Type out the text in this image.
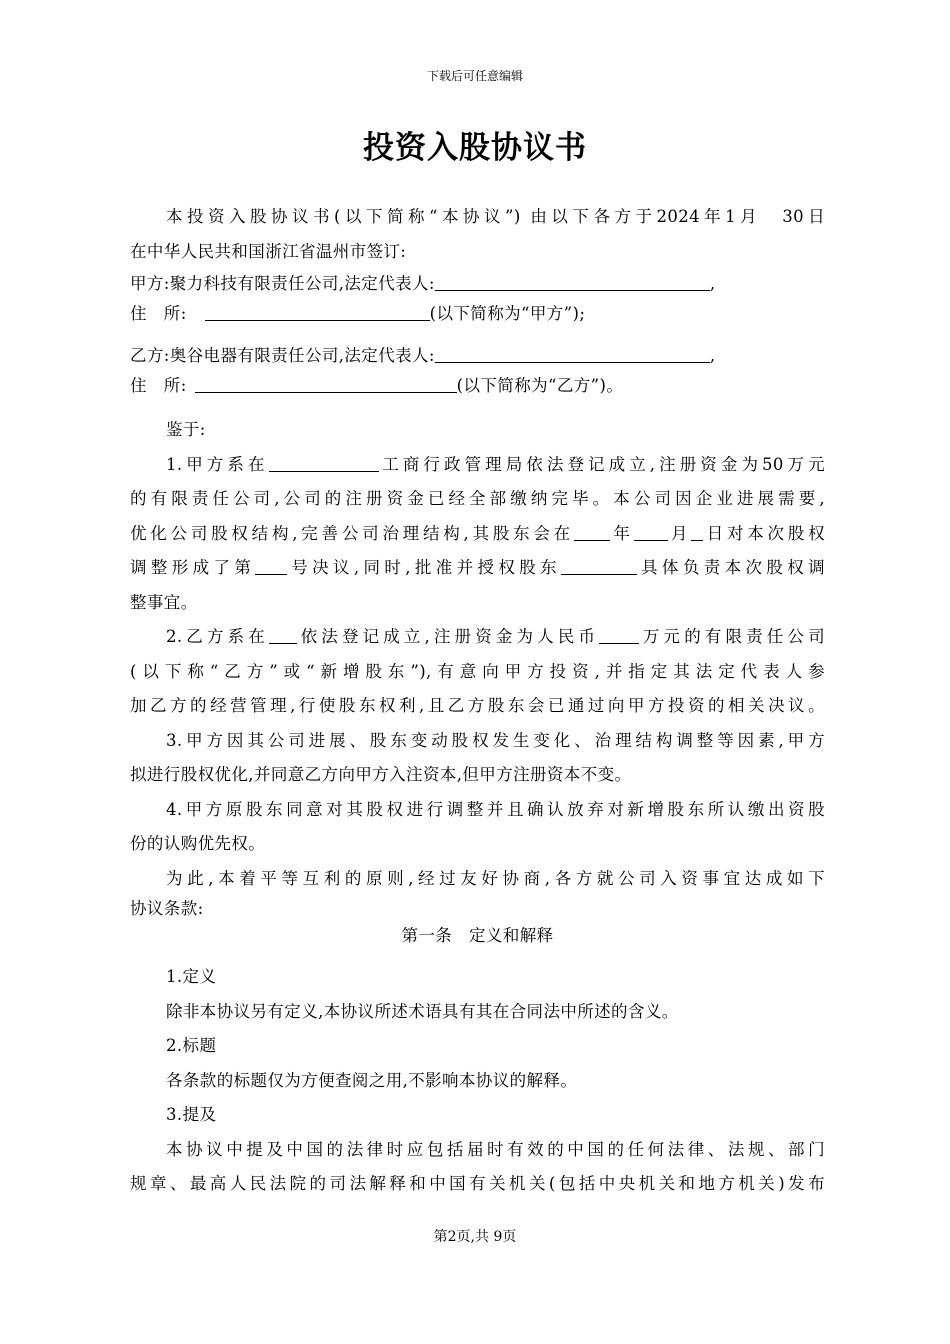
下载后可任意编辑
投资入股协议书
本投资入股协议书(以下简称“本协议”) 由以下各方于2024年1月　30日
在中华人民共和国浙江省温州市签订:
甲方:聚力科技有限责任公司,法定代表人:	,
住　所:	(以下简称为“甲方”);
乙方:奥谷电器有限责任公司,法定代表人:	,
住　所:	(以下简称为“乙方”)。
鉴于:
1.甲方系在	工商行政管理局依法登记成立,注册资金为50万元
的有限责任公司,公司的注册资金已经全部缴纳完毕。本公司因企业进展需要,
优化公司股权结构,完善公司治理结构,其股东会在 年 月 日对本次股权
调整形成了第 号决议,同时,批准并授权股东	具体负责本次股权调
整事宜。
2.乙方系在 依法登记成立,注册资金为人民币 万元的有限责任公司
(以下称“乙方”或“新增股东”),有意向甲方投资,并指定其法定代表人参
加乙方的经营管理,行使股东权利,且乙方股东会已通过向甲方投资的相关决议。
3.甲方因其公司进展、股东变动股权发生变化、治理结构调整等因素,甲方
拟进行股权优化,并同意乙方向甲方入注资本,但甲方注册资本不变。
4.甲方原股东同意对其股权进行调整并且确认放弃对新增股东所认缴出资股
份的认购优先权。
为此,本着平等互利的原则,经过友好协商,各方就公司入资事宜达成如下
协议条款:
第一条　定义和解释
1.定义
除非本协议另有定义,本协议所述术语具有其在合同法中所述的含义。
2.标题
各条款的标题仅为方便查阅之用,不影响本协议的解释。
3.提及
本协议中提及中国的法律时应包括届时有效的中国的任何法律、法规、部门
规章、最高人民法院的司法解释和中国有关机关(包括中央机关和地方机关)发布
第2页,共 9页
